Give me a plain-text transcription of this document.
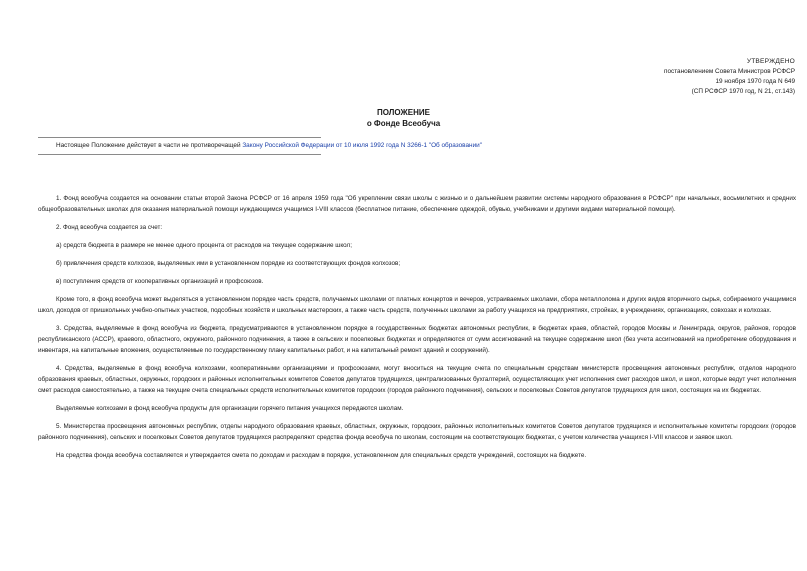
УТВЕРЖДЕНО
постановлением Совета Министров РСФСР
19 ноября 1970 года N 649
(СП РСФСР 1970 год, N 21, ст.143)
ПОЛОЖЕНИЕ
о Фонде Всеобуча
Настоящее Положение действует в части не противоречащей Закону Российской Федерации от 10 июля 1992 года N 3266-1 "Об образовании"

1. Фонд всеобуча создается на основании статьи второй Закона РСФСР от 16 апреля 1959 года "Об укреплении связи школы с жизнью и о дальнейшем развитии системы народного образования в РСФСР" при начальных, восьмилетних и средних общеобразовательных школах для оказания материальной помощи нуждающимся учащимся I-VIII классов (бесплатное питание, обеспечение одеждой, обувью, учебниками и другими видами материальной помощи).

2. Фонд всеобуча создается за счет:

а) средств бюджета в размере не менее одного процента от расходов на текущее содержание школ;

б) привлечения средств колхозов, выделяемых ими в установленном порядке из соответствующих фондов колхозов;

в) поступления средств от кооперативных организаций и профсоюзов.

Кроме того, в фонд всеобуча может выделяться в установленном порядке часть средств, получаемых школами от платных концертов и вечеров, устраиваемых школами, сбора металлолома и других видов вторичного сырья, собираемого учащимися школ, доходов от пришкольных учебно-опытных участков, подсобных хозяйств и школьных мастерских, а также часть средств, полученных школами за работу учащихся на предприятиях, стройках, в учреждениях, организациях, совхозах и колхозах.

3. Средства, выделяемые в фонд всеобуча из бюджета, предусматриваются в установленном порядке в государственных бюджетах автономных республик, в бюджетах краев, областей, городов Москвы и Ленинграда, округов, районов, городов республиканского (АССР), краевого, областного, окружного, районного подчинения, а также в сельских и поселковых бюджетах и определяются от сумм ассигнований на текущее содержание школ (без учета ассигнований на приобретение оборудования и инвентаря, на капитальные вложения, осуществляемые по государственному плану капитальных работ, и на капитальный ремонт зданий и сооружений).

4. Средства, выделяемые в фонд всеобуча колхозами, кооперативными организациями и профсоюзами, могут вноситься на текущие счета по специальным средствам министерств просвещения автономных республик, отделов народного образования краевых, областных, окружных, городских и районных исполнительных комитетов Советов депутатов трудящихся, централизованных бухгалтерий, осуществляющих учет исполнения смет расходов школ, и школ, которые ведут учет исполнения смет расходов самостоятельно, а также на текущие счета специальных средств исполнительных комитетов городских (городов районного подчинения), сельских и поселковых Советов депутатов трудящихся для школ, состоящих на их бюджетах.

Выделяемые колхозами в фонд всеобуча продукты для организации горячего питания учащихся передаются школам.

5. Министерства просвещения автономных республик, отделы народного образования краевых, областных, окружных, городских, районных исполнительных комитетов Советов депутатов трудящихся и исполнительные комитеты городских (городов районного подчинения), сельских и поселковых Советов депутатов трудящихся распределяют средства фонда всеобуча по школам, состоящим на соответствующих бюджетах, с учетом количества учащихся I-VIII классов и заявок школ.

На средства фонда всеобуча составляется и утверждается смета по доходам и расходам в порядке, установленном для специальных средств учреждений, состоящих на бюджете.
